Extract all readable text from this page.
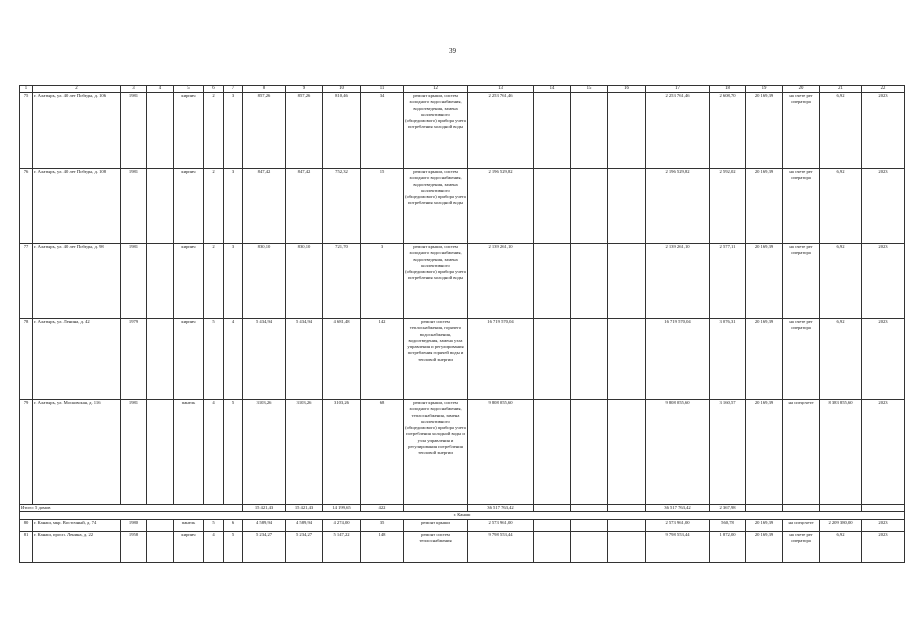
39
1	2	3	4	5	6	7	8	9	10	11	12	13	14	15	16	17	18	19	20	21	22
75	г. Алатырь, ул. 40 лет Победы, д. 106	1981		кирпич	2	3	857,26	857,26	810,46	34	ремонт крыши, систем холодного водоснабжения, водоотведения, замена коллективного (общедомового) прибора учета потребления холодной воды	2 253 761,46				2 253 761,46	2 608,70	20 169,39	на счете рег оператора	6,92	2023
76	г. Алатырь, ул. 40 лет Победы, д. 108	1981		кирпич	2	3	847,42	847,42	752,32	15	ремонт крыши, систем холодного водоснабжения, водоотведения, замена коллективного (общедомового) прибора учета потребления холодной воды	2 196 529,82				2 196 529,82	2 592,02	20 169,39	на счете рег оператора	6,92	2023
77	г. Алатырь, ул. 40 лет Победы, д. 98	1981		кирпич	2	3	830,10	830,10	721,70	3	ремонт крыши, систем холодного водоснабжения, водоотведения, замена коллективного (общедомового) прибора учета потребления холодной воды	2 139 261,10				2 139 261,10	2 577,11	20 169,39	на счете рег оператора	6,92	2023
78	г. Алатырь, ул. Ленина, д. 42	1979		кирпич	5	4	5 434,94	5 434,94	4 681,48	142	ремонт систем теплоснабжения, горячего водоснабжения, водоотведения, замена узла управления и регулирования потребления горячей воды и тепловой энергии	16 719 570,04				16 719 570,04	3 076,31	20 169,39	на счете рег оператора	6,92	2023
79	г. Алатырь, ул. Московская, д. 116	1981		панель	4	5	3103,26	3103,26	3103,26	68	ремонт крыши, систем холодного водоснабжения, теплоснабжения, замена коллективного (общедомового) прибора учета потребления холодной воды и узла управления и регулирования потребления тепловой энергии	9 808 055,60				9 808 055,60	3 160,57	20 169,39	на спецсчете	8 383 855,60	2023
Итого: 5 домов							15 421,43	15 421,43	14 199,65	422		36 517 763,42				36 517 763,42	2 367,98				
г. Канаш																					
80	г. Канаш, мкр. Восточный, д. 74	1980		панель	5	6	4 589,94	4 589,94	4 274,00	35	ремонт крыши	2 573 961,00				2 573 961,00	560,78	20 169,39	на спецсчете	2 209 380,00	2023
81	г. Канаш, просп. Ленина, д. 22	1958		кирпич	4	5	5 234,27	5 234,27	5 147,22	148	ремонт систем теплоснабжения	9 798 553,44				9 798 553,44	1 872,00	20 169,39	на счете рег оператора	6,92	2023
